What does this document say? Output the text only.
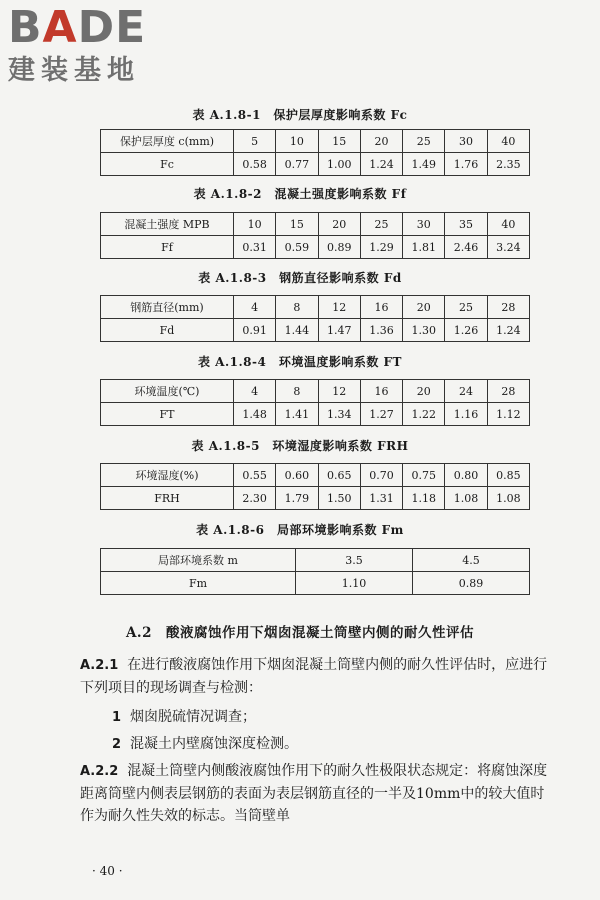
BADE
建装基地
表 A.1.8-1　保护层厚度影响系数 Fc
保护层厚度 c(mm)	5	10	15	20	25	30	40
Fc	0.58	0.77	1.00	1.24	1.49	1.76	2.35
表 A.1.8-2　混凝土强度影响系数 Ff
混凝土强度 MPB	10	15	20	25	30	35	40
Ff	0.31	0.59	0.89	1.29	1.81	2.46	3.24
表 A.1.8-3　钢筋直径影响系数 Fd
钢筋直径(mm)	4	8	12	16	20	25	28
Fd	0.91	1.44	1.47	1.36	1.30	1.26	1.24
表 A.1.8-4　环境温度影响系数 FT
环境温度(℃)	4	8	12	16	20	24	28
FT	1.48	1.41	1.34	1.27	1.22	1.16	1.12
表 A.1.8-5　环境湿度影响系数 FRH
环境湿度(%)	0.55	0.60	0.65	0.70	0.75	0.80	0.85
FRH	2.30	1.79	1.50	1.31	1.18	1.08	1.08
表 A.1.8-6　局部环境影响系数 Fm
局部环境系数 m	3.5	4.5
Fm	1.10	0.89
A.2　酸液腐蚀作用下烟囱混凝土筒壁内侧的耐久性评估
A.2.1 在进行酸液腐蚀作用下烟囱混凝土筒壁内侧的耐久性评估时，应进行下列项目的现场调查与检测：
1 烟囱脱硫情况调查；
2 混凝土内壁腐蚀深度检测。
A.2.2 混凝土筒壁内侧酸液腐蚀作用下的耐久性极限状态规定：将腐蚀深度距离筒壁内侧表层钢筋的表面为表层钢筋直径的一半及10mm中的较大值时作为耐久性失效的标志。当筒壁单
· 40 ·
